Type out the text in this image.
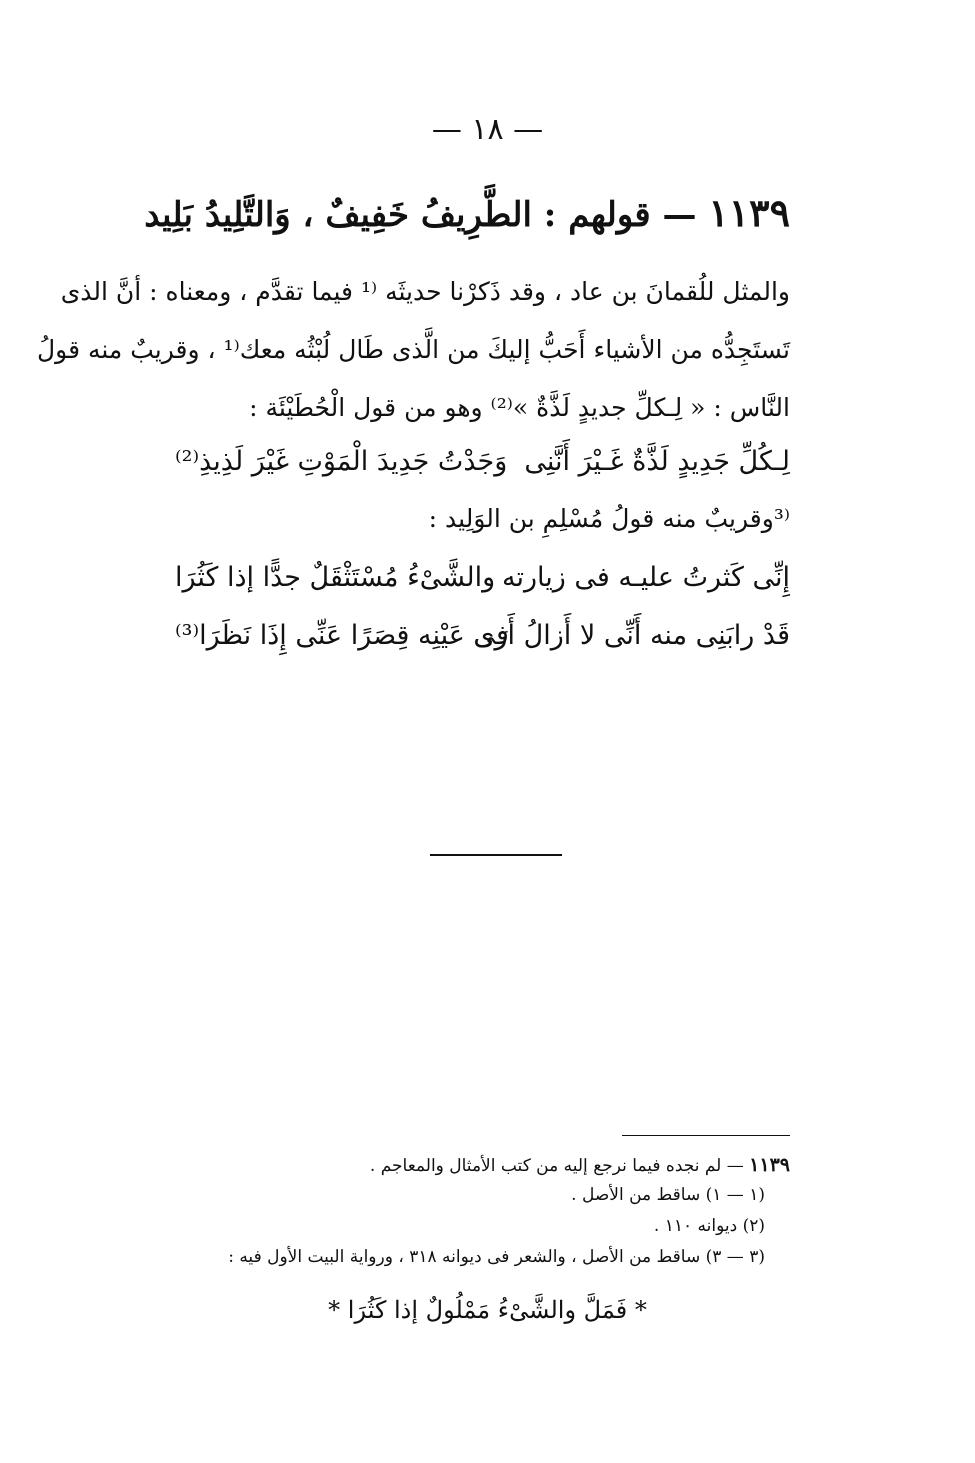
— ١٨ —
١١٣٩ — قولهم : الطَّرِيفُ خَفِيفٌ ، وَالتَّلِيدُ بَلِيد
والمثل للُقمانَ بن عاد ، وقد ذَكرْنا حديثَه ⁽¹ فيما تقدَّم ، ومعناه : أنَّ الذى
تَستَجِدُّه من الأشياء أَحَبُّ إليكَ من الَّذى طَال لُبْثُه معك⁽¹ ، وقريبٌ منه قولُ
النَّاس : « لِـكلِّ جديدٍ لَذَّةٌ »⁽²⁾ وهو من قول الْحُطَيْئَة :
لِـكُلِّ جَدِيدٍ لَذَّةٌ غَـيْرَ أَنَّنِى
وَجَدْتُ جَدِيدَ الْمَوْتِ غَيْرَ لَذِيذِ⁽²⁾
⁽³وقريبٌ منه قولُ مُسْلِمِ بن الوَلِيد :
إِنِّى كَثرتُ عليـه فى زيارته
والشَّىْءُ مُسْتَثْقَلٌ جدًّا إذا كَثُرَا
قَدْ رابَنِى منه أَنِّى لا أَزالُ أَرَى
فى عَيْنِه قِصَرًا عَنِّى إِذَا نَظَرَا⁽³⁾
١١٣٩ — لم نجده فيما نرجع إليه من كتب الأمثال والمعاجم .
(١ — ١) ساقط من الأصل .
(٢) ديوانه ١١٠ .
(٣ — ٣) ساقط من الأصل ، والشعر فى ديوانه ٣١٨ ، ورواية البيت الأول فيه :
* فَمَلَّ والشَّىْءُ مَمْلُولٌ إذا كَثُرَا *
